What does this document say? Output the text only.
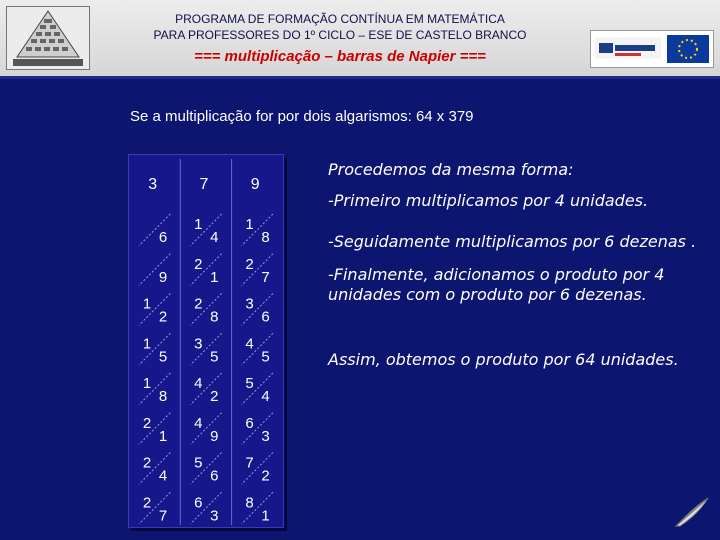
PROGRAMA DE FORMAÇÃO CONTÍNUA EM MATEMÁTICA

PARA PROFESSORES DO 1º CICLO – ESE DE CASTELO BRANCO

=== multiplicação – barras de Napier ===
Se a multiplicação for por dois algarismos: 64 x 379
3	7	9
6
1
4
1
8
9
2
1
2
7
1
2
2
8
3
6
1
5
3
5
4
5
1
8
4
2
5
4
2
1
4
9
6
3
2
4
5
6
7
2
2
7
6
3
8
1
Procedemos da mesma forma:
-Primeiro multiplicamos por 4 unidades.
-Seguidamente multiplicamos por 6 dezenas .
-Finalmente, adicionamos o produto por 4
unidades com o produto por 6 dezenas.
Assim, obtemos o produto por 64 unidades.
